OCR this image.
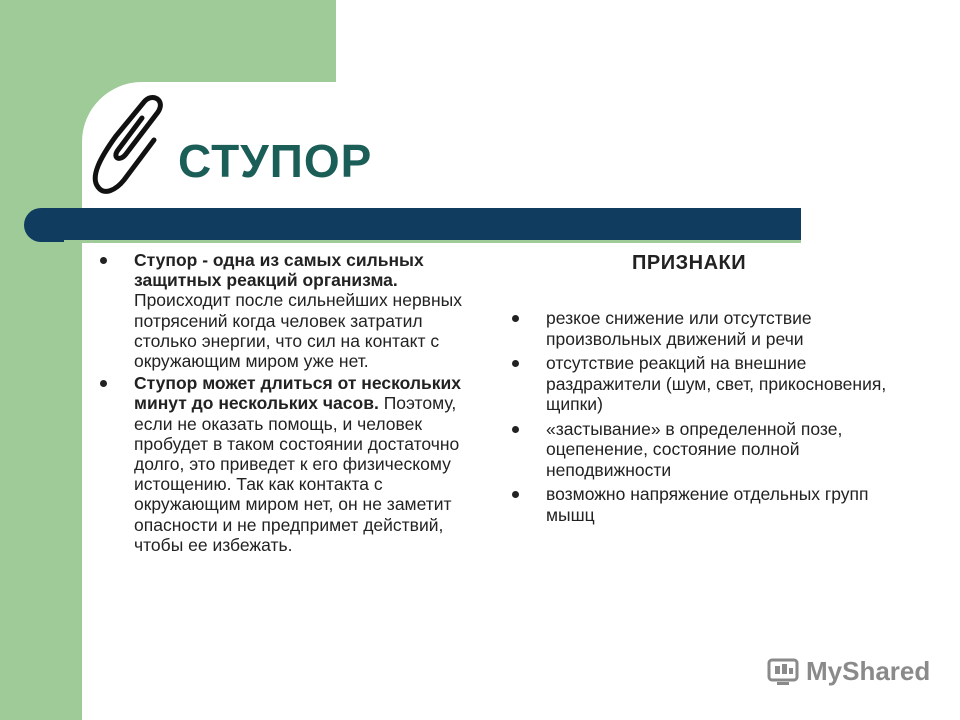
СТУПОР
Ступор - одна из самых сильных защитных реакций организма. Происходит после сильнейших нервных потрясений когда человек затратил столько энергии, что сил на контакт с окружающим миром уже нет.
Ступор может длиться от нескольких минут до нескольких часов. Поэтому, если не оказать помощь, и человек пробудет в таком состоянии достаточно долго, это приведет к его физическому истощению. Так как контакта с окружающим миром нет, он не заметит опасности и не предпримет действий, чтобы ее избежать.
ПРИЗНАКИ
резкое снижение или отсутствие произвольных движений и речи
отсутствие реакций на внешние раздражители (шум, свет, прикосновения, щипки)
«застывание» в определенной позе, оцепенение, состояние полной неподвижности
возможно напряжение отдельных групп мышц
MyShared
